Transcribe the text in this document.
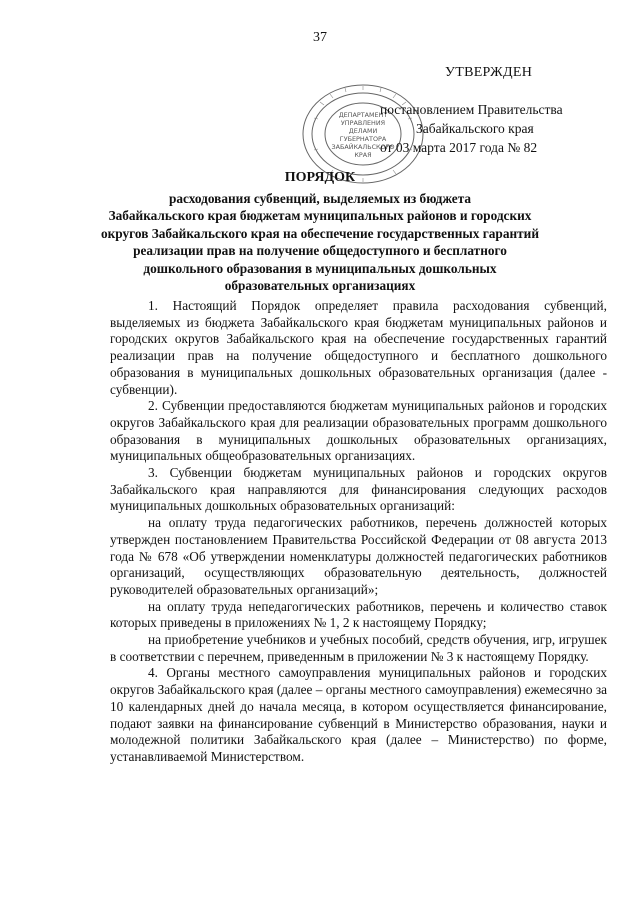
37
ДЕПАРТАМЕНТ
УПРАВЛЕНИЯ
ДЕЛАМИ
ГУБЕРНАТОРА
ЗАБАЙКАЛЬСКОГО
КРАЯ
УТВЕРЖДЕН
постановлением Правительства
Забайкальского края
от 03 марта 2017 года № 82
ПОРЯДОК
расходования субвенций, выделяемых из бюджета
Забайкальского края бюджетам муниципальных районов и городских
округов Забайкальского края на обеспечение государственных гарантий
реализации прав на получение общедоступного и бесплатного
дошкольного образования в муниципальных дошкольных
образовательных организациях

1. Настоящий Порядок определяет правила расходования субвенций, выделяемых из бюджета Забайкальского края бюджетам муниципальных районов и городских округов Забайкальского края на обеспечение государственных гарантий реализации прав на получение общедоступного и бесплатного дошкольного образования в муниципальных дошкольных образовательных организация (далее - субвенции).

2. Субвенции предоставляются бюджетам муниципальных районов и городских округов Забайкальского края для реализации образовательных программ дошкольного образования в муниципальных дошкольных образовательных организациях, муниципальных общеобразовательных организациях.

3. Субвенции бюджетам муниципальных районов и городских округов Забайкальского края направляются для финансирования следующих расходов муниципальных дошкольных образовательных организаций:

на оплату труда педагогических работников, перечень должностей которых утвержден постановлением Правительства Российской Федерации от 08 августа 2013 года № 678 «Об утверждении номенклатуры должностей педагогических работников организаций, осуществляющих образовательную деятельность, должностей руководителей образовательных организаций»;

на оплату труда непедагогических работников, перечень и количество ставок которых приведены в приложениях № 1, 2 к настоящему Порядку;

на приобретение учебников и учебных пособий, средств обучения, игр, игрушек в соответствии с перечнем, приведенным в приложении № 3 к настоящему Порядку.

4. Органы местного самоуправления муниципальных районов и городских округов Забайкальского края (далее – органы местного самоуправления) ежемесячно за 10 календарных дней до начала месяца, в котором осуществляется финансирование, подают заявки на финансирование субвенций в Министерство образования, науки и молодежной политики Забайкальского края (далее – Министерство) по форме, устанавливаемой Министерством.
